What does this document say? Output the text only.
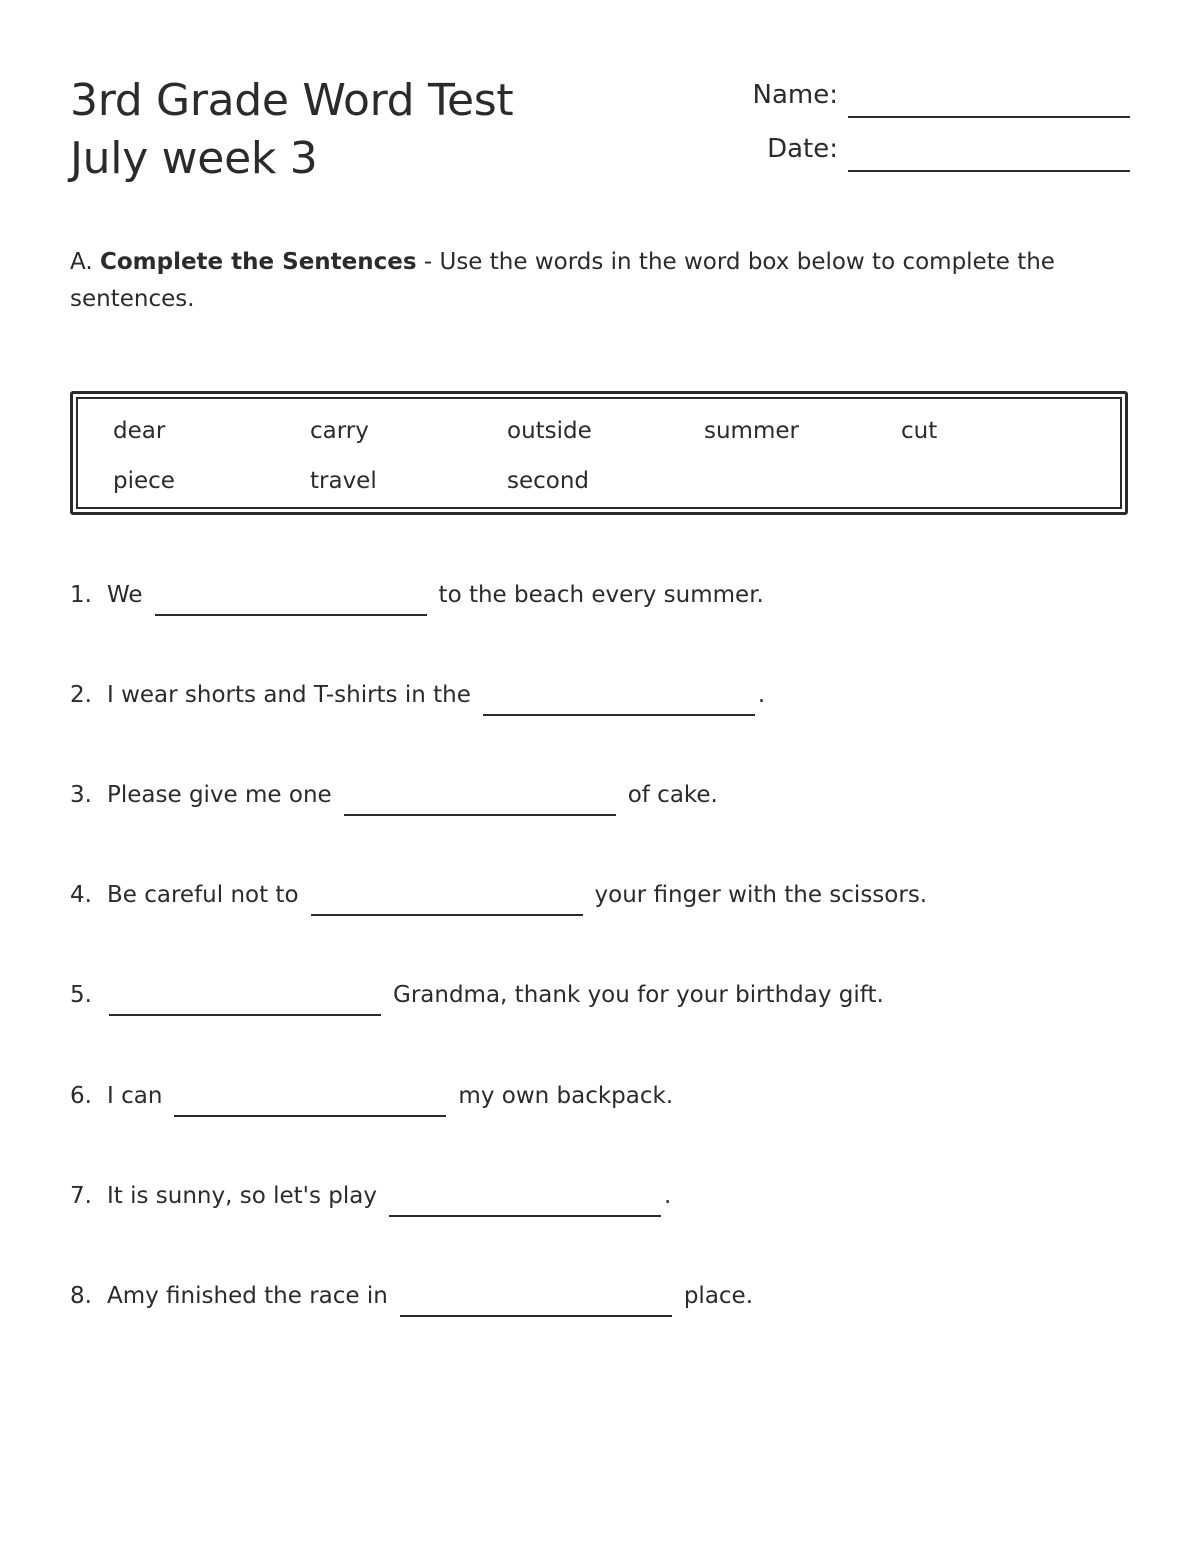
3rd Grade Word Test
July week 3
Name:
Date:
A. Complete the Sentences - Use the words in the word box below to complete the sentences.
dear	carry	outside	summer	cut
piece	travel	second
1. We	to the beach every summer.
2. I wear shorts and T-shirts in the	.
3. Please give me one	of cake.
4. Be careful not to	your finger with the scissors.
5.	Grandma, thank you for your birthday gift.
6. I can	my own backpack.
7. It is sunny, so let's play	.
8. Amy finished the race in	place.
